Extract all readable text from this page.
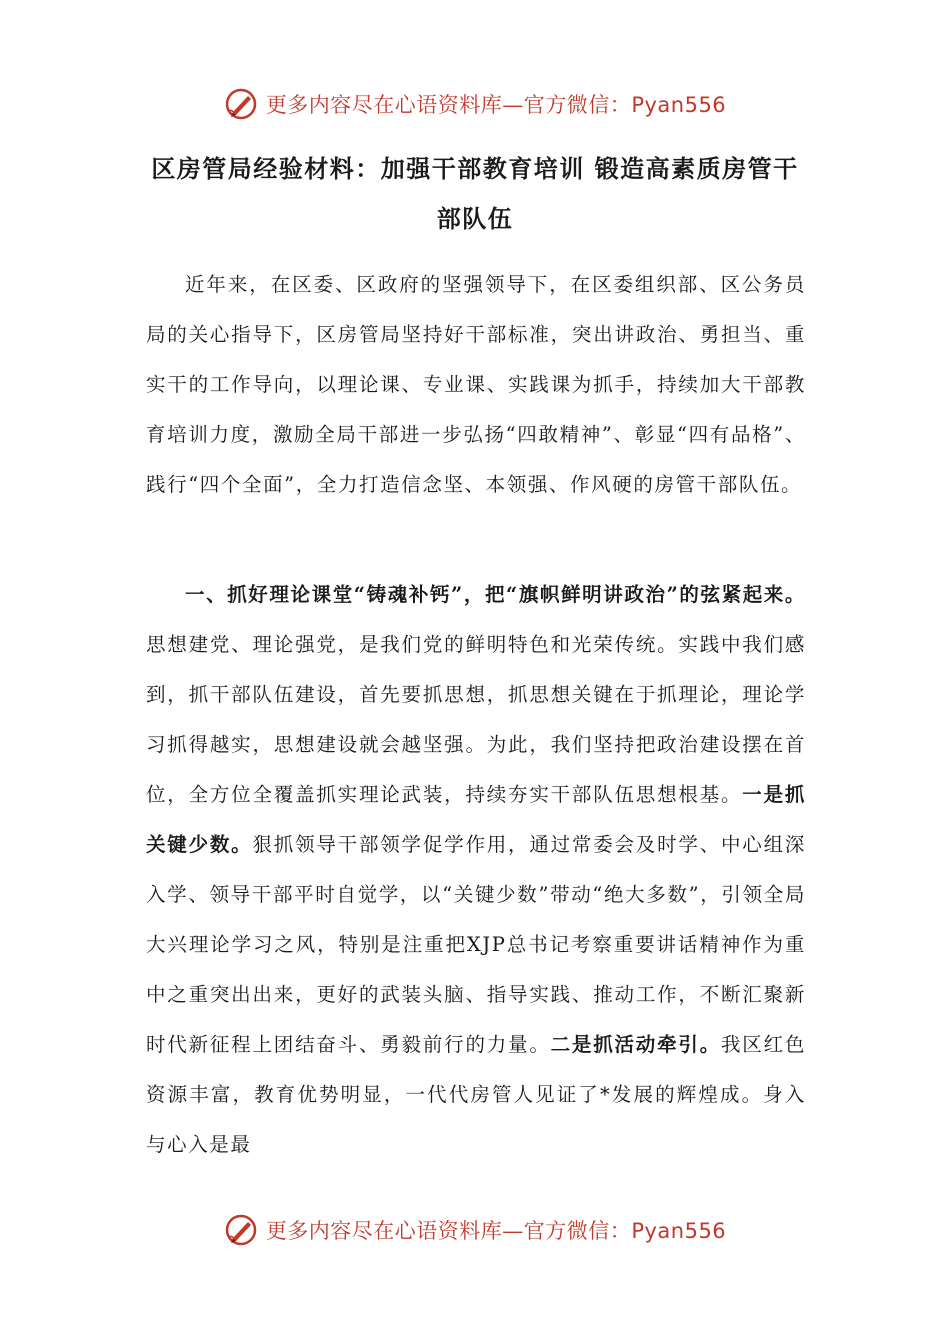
更多内容尽在心语资料库—官方微信：Pyan556
区房管局经验材料：加强干部教育培训 锻造高素质房管干
部队伍
近年来，在区委、区政府的坚强领导下，在区委组织部、区公务员局的关心指导下，区房管局坚持好干部标准，突出讲政治、勇担当、重实干的工作导向，以理论课、专业课、实践课为抓手，持续加大干部教育培训力度，激励全局干部进一步弘扬“四敢精神”、彰显“四有品格”、践行“四个全面”，全力打造信念坚、本领强、作风硬的房管干部队伍。
一、抓好理论课堂“铸魂补钙”，把“旗帜鲜明讲政治”的弦紧起来。思想建党、理论强党，是我们党的鲜明特色和光荣传统。实践中我们感到，抓干部队伍建设，首先要抓思想，抓思想关键在于抓理论，理论学习抓得越实，思想建设就会越坚强。为此，我们坚持把政治建设摆在首位，全方位全覆盖抓实理论武装，持续夯实干部队伍思想根基。一是抓关键少数。狠抓领导干部领学促学作用，通过常委会及时学、中心组深入学、领导干部平时自觉学，以“关键少数”带动“绝大多数”，引领全局大兴理论学习之风，特别是注重把XJP总书记考察重要讲话精神作为重中之重突出出来，更好的武装头脑、指导实践、推动工作，不断汇聚新时代新征程上团结奋斗、勇毅前行的力量。二是抓活动牵引。我区红色资源丰富，教育优势明显，一代代房管人见证了*发展的辉煌成。身入与心入是最
更多内容尽在心语资料库—官方微信：Pyan556
